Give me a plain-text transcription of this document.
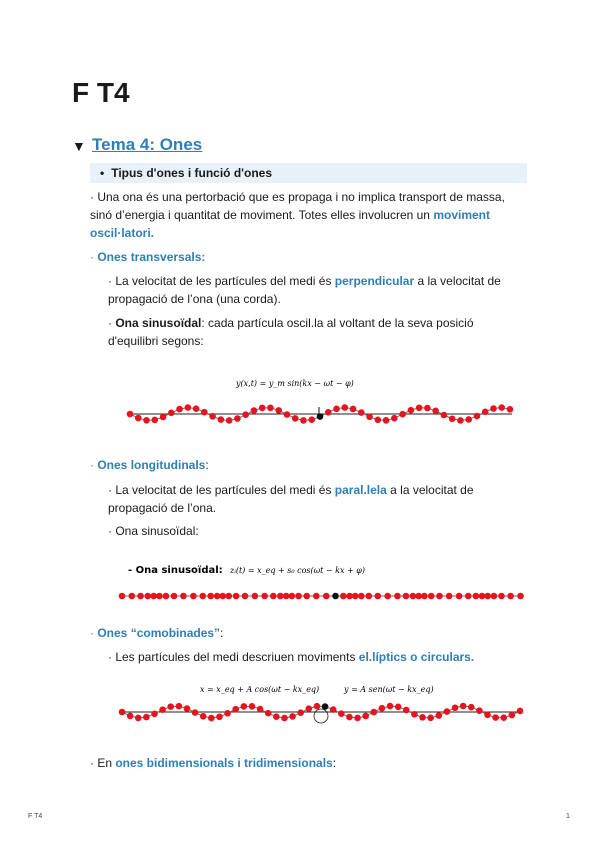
F T4
▼ Tema 4: Ones
• Tipus d'ones i funció d'ones
· Una ona és una pertorbació que es propaga i no implica transport de massa, sinó d’energia i quantitat de moviment. Totes elles involucren un moviment oscil·latori.
· Ones transversals:
· La velocitat de les partícules del medi és perpendicular a la velocitat de propagació de l’ona (una corda).
· Ona sinusoïdal: cada partícula oscil.la al voltant de la seva posició d'equilibri segons:
y(x,t) = y_m sin(kx − ωt − φ)
· Ones longitudinals:
· La velocitat de les partícules del medi és paral.lela a la velocitat de propagació de l’ona.
· Ona sinusoïdal:
- Ona sinusoïdal: zᵢ(t) = x_eq + s₀ cos(ωt − kx + φ)
· Ones “comobinades”:
· Les partícules del medi descriuen moviments el.líptics o circulars.
x = x_eq + A cos(ωt − kx_eq)	y = A sen(ωt − kx_eq)
· En ones bidimensionals i tridimensionals:
F T4	1
